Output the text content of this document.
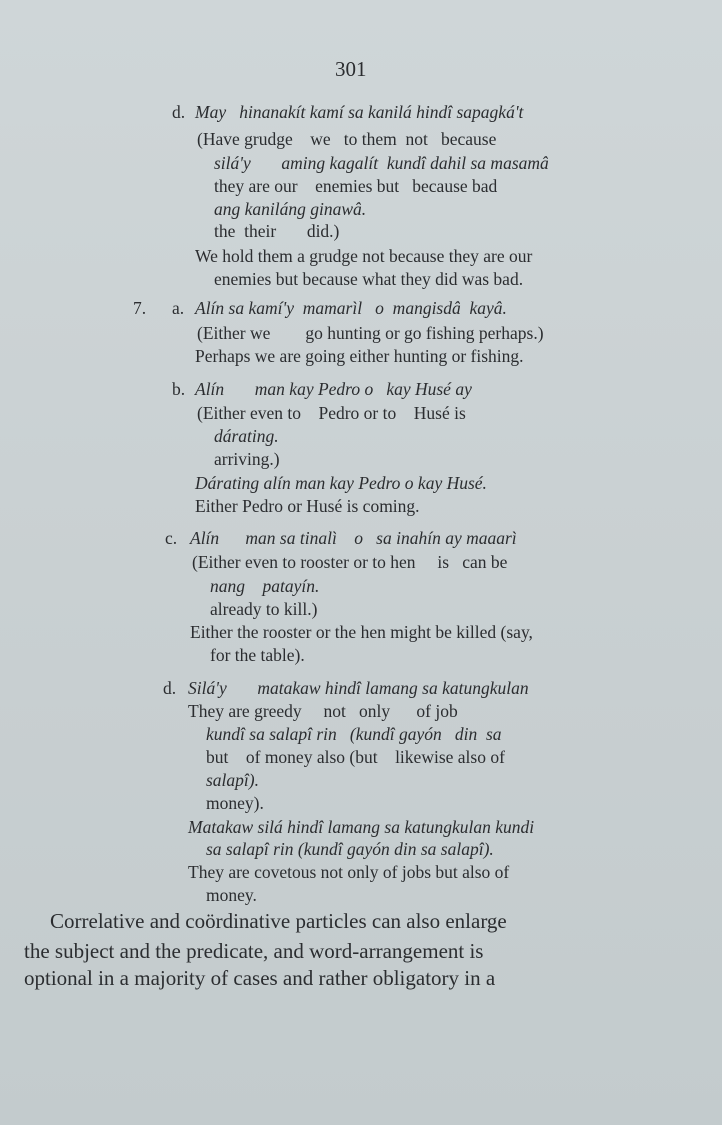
301
d. May   hinanakít kamí sa kanilá hindî sapagká't
(Have grudge    we   to them  not   because
silá'y       aming kagalít  kundî dahil sa masamâ
they are our    enemies but   because bad
ang kaniláng ginawâ.
the  their       did.)
We hold them a grudge not because they are our
enemies but because what they did was bad.
7. a. Alín sa kamí'y  mamarìl   o  mangisdâ  kayâ.
(Either we        go hunting or go fishing perhaps.)
Perhaps we are going either hunting or fishing.
b. Alín       man kay Pedro o   kay Husé ay
(Either even to    Pedro or to    Husé is
dárating.
arriving.)
Dárating alín man kay Pedro o kay Husé.
Either Pedro or Husé is coming.
c. Alín      man sa tinalì    o   sa inahín ay maaarì
(Either even to rooster or to hen     is   can be
nang    patayín.
already to kill.)
Either the rooster or the hen might be killed (say,
for the table).
d. Silá'y       matakaw hindî lamang sa katungkulan
They are greedy     not   only      of job
kundî sa salapî rin   (kundî gayón   din  sa
but    of money also (but    likewise also of
salapî).
money).
Matakaw silá hindî lamang sa katungkulan kundi
sa salapî rin (kundî gayón din sa salapî).
They are covetous not only of jobs but also of
money.
Correlative and coördinative particles can also enlarge
the subject and the predicate, and word-arrangement is
optional in a majority of cases and rather obligatory in a
